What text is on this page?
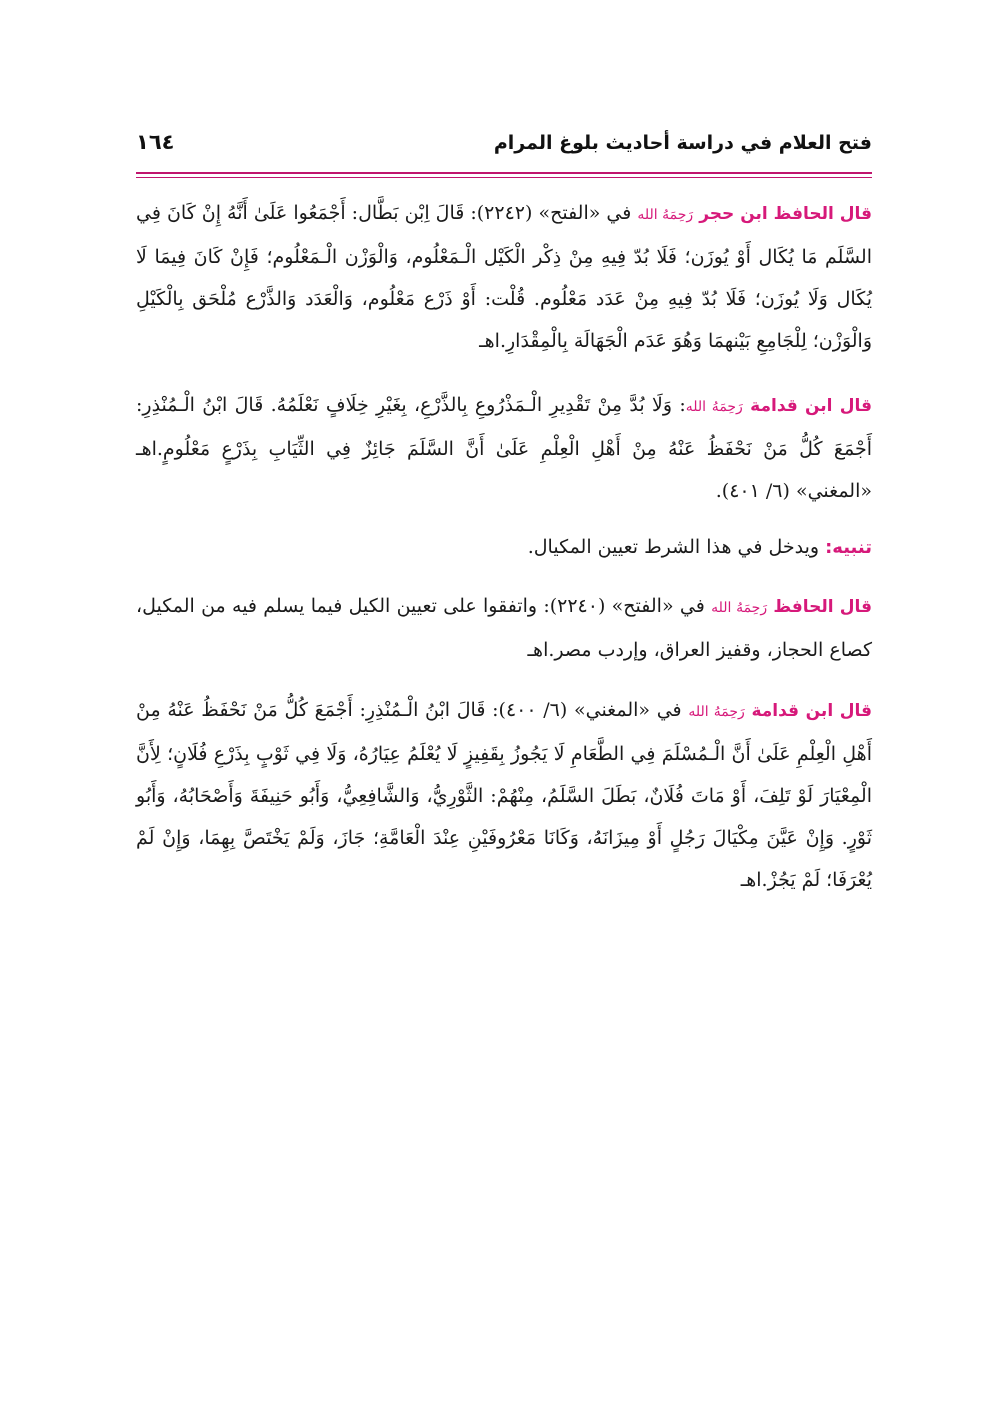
فتح العلام في دراسة أحاديث بلوغ المرام
١٦٤

قال الحافظ ابن حجر رَحِمَهُ الله في «الفتح» (٢٢٤٢): قَالَ اِبْن بَطَّال: أَجْمَعُوا عَلَىٰ أَنَّهُ إِنْ كَانَ فِي السَّلَم مَا يُكَال أَوْ يُوزَن؛ فَلَا بُدّ فِيهِ مِنْ ذِكْر الْكَيْل الْـمَعْلُوم، وَالْوَزْن الْـمَعْلُوم؛ فَإِنْ كَانَ فِيمَا لَا يُكَال وَلَا يُوزَن؛ فَلَا بُدّ فِيهِ مِنْ عَدَد مَعْلُوم. قُلْت: أَوْ ذَرْع مَعْلُوم، وَالْعَدَد وَالذَّرْع مُلْحَق بِالْكَيْلِ وَالْوَزْن؛ لِلْجَامِعِ بَيْنهمَا وَهُوَ عَدَم الْجَهَالَة بِالْمِقْدَارِ.اهـ

قال ابن قدامة رَحِمَهُ الله: وَلَا بُدَّ مِنْ تَقْدِيرِ الْـمَذْرُوعِ بِالذَّرْعِ، بِغَيْرِ خِلَافٍ نَعْلَمُهُ. قَالَ ابْنُ الْـمُنْذِرِ: أَجْمَعَ كُلُّ مَنْ نَحْفَظُ عَنْهُ مِنْ أَهْلِ الْعِلْمِ عَلَىٰ أَنَّ السَّلَمَ جَائِزٌ فِي الثِّيَابِ بِذَرْعٍ مَعْلُومٍ.اهـ «المغني» (٦/ ٤٠١).

تنبيه: ويدخل في هذا الشرط تعيين المكيال.

قال الحافظ رَحِمَهُ الله في «الفتح» (٢٢٤٠): واتفقوا على تعيين الكيل فيما يسلم فيه من المكيل، كصاع الحجاز، وقفيز العراق، وإردب مصر.اهـ

قال ابن قدامة رَحِمَهُ الله في «المغني» (٦/ ٤٠٠): قَالَ ابْنُ الْـمُنْذِرِ: أَجْمَعَ كُلُّ مَنْ نَحْفَظُ عَنْهُ مِنْ أَهْلِ الْعِلْمِ عَلَىٰ أَنَّ الْـمُسْلَمَ فِي الطَّعَامِ لَا يَجُوزُ بِقَفِيزٍ لَا يُعْلَمُ عِيَارُهُ، وَلَا فِي ثَوْبٍ بِذَرْعِ فُلَانٍ؛ لِأَنَّ الْمِعْيَارَ لَوْ تَلِفَ، أَوْ مَاتَ فُلَانٌ، بَطَلَ السَّلَمُ، مِنْهُمْ: الثَّوْرِيُّ، وَالشَّافِعِيُّ، وَأَبُو حَنِيفَةَ وَأَصْحَابُهُ، وَأَبُو ثَوْرٍ. وَإِنْ عَيَّنَ مِكْيَالَ رَجُلٍ أَوْ مِيزَانَهُ، وَكَانَا مَعْرُوفَيْنِ عِنْدَ الْعَامَّةِ؛ جَازَ، وَلَمْ يَخْتَصَّ بِهِمَا، وَإِنْ لَمْ يُعْرَفَا؛ لَمْ يَجُزْ.اهـ
